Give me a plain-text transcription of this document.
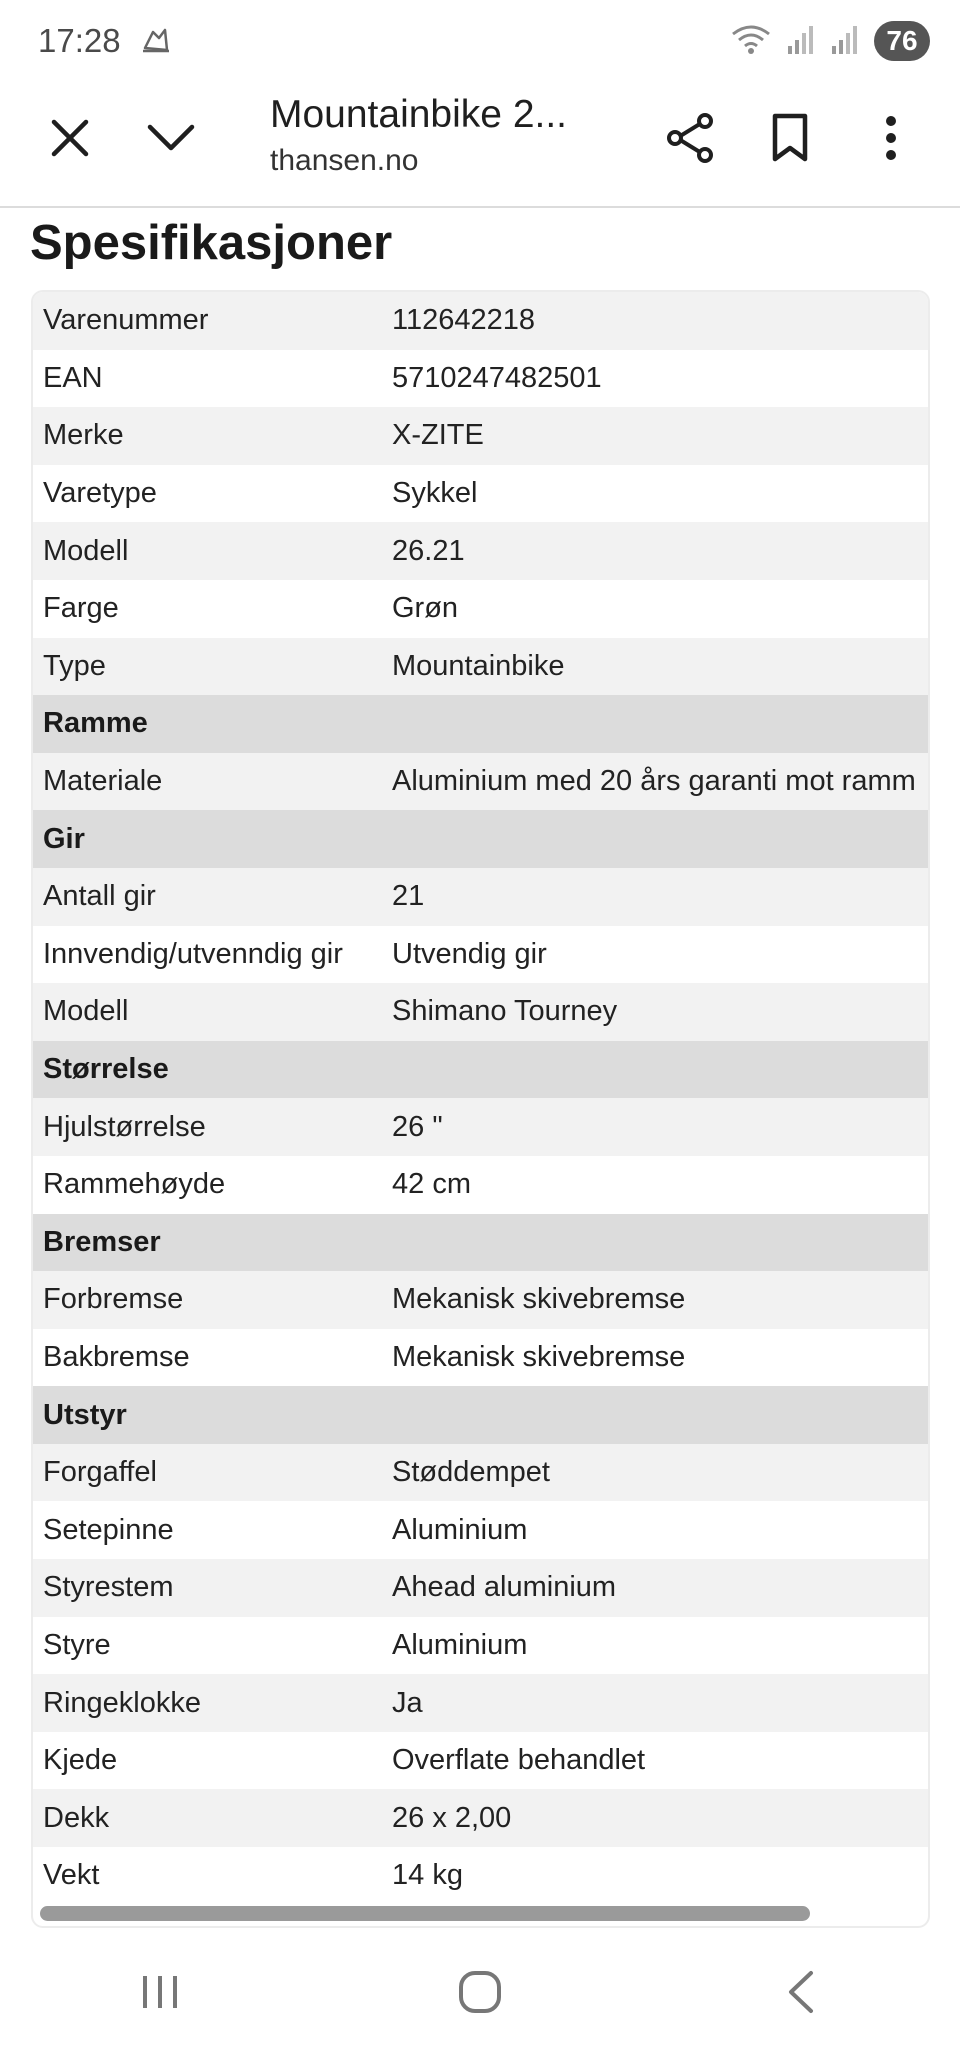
17:28	76
Mountainbike 2...
thansen.no
Spesifikasjoner
Varenummer	112642218
EAN	5710247482501
Merke	X-ZITE
Varetype	Sykkel
Modell	26.21
Farge	Grøn
Type	Mountainbike
Ramme	
Materiale	Aluminium med 20 års garanti mot ramm
Gir	
Antall gir	21
Innvendig/utvenndig gir	Utvendig gir
Modell	Shimano Tourney
Størrelse	
Hjulstørrelse	26 "
Rammehøyde	42 cm
Bremser	
Forbremse	Mekanisk skivebremse
Bakbremse	Mekanisk skivebremse
Utstyr	
Forgaffel	Støddempet
Setepinne	Aluminium
Styrestem	Ahead aluminium
Styre	Aluminium
Ringeklokke	Ja
Kjede	Overflate behandlet
Dekk	26 x 2,00
Vekt	14 kg
